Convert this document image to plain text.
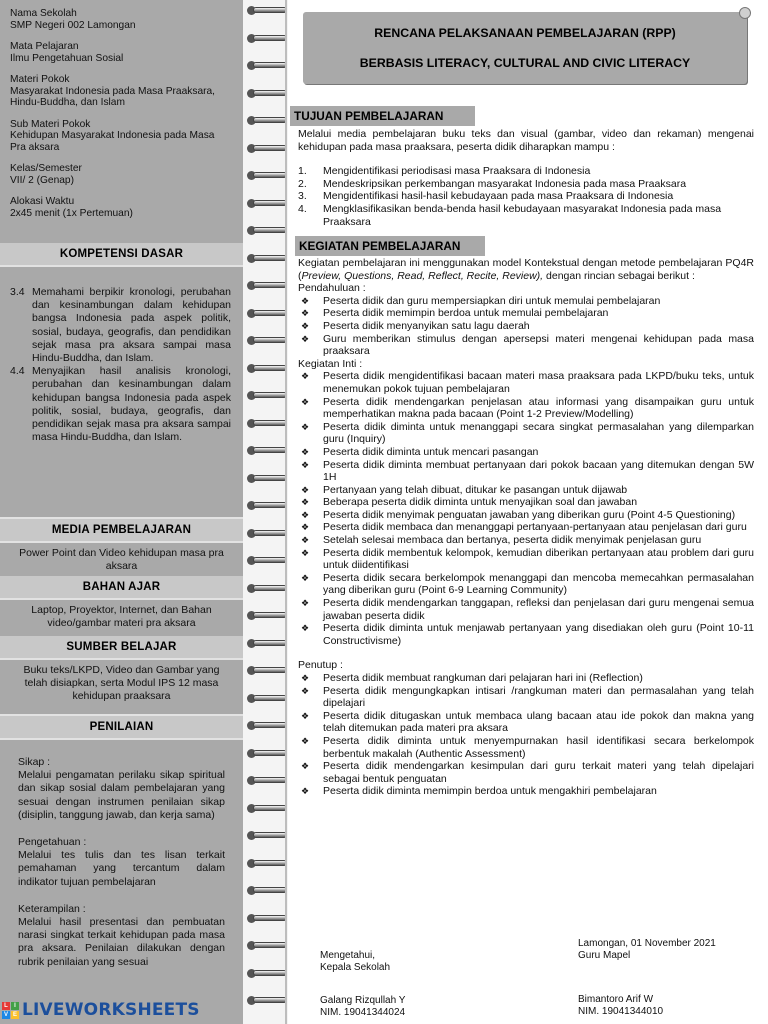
Nama Sekolah
SMP Negeri 002 Lamongan
Mata Pelajaran
Ilmu Pengetahuan Sosial
Materi Pokok
Masyarakat Indonesia pada Masa Praaksara, Hindu-Buddha, dan Islam
Sub Materi Pokok
Kehidupan Masyarakat Indonesia pada Masa Pra aksara
Kelas/Semester
VII/ 2 (Genap)
Alokasi Waktu
2x45 menit (1x Pertemuan)
KOMPETENSI DASAR
3.4 Memahami berpikir kronologi, perubahan dan kesinambungan dalam kehidupan bangsa Indonesia pada aspek politik, sosial, budaya, geografis, dan pendidikan sejak masa pra aksara sampai masa Hindu-Buddha, dan Islam.
4.4 Menyajikan hasil analisis kronologi, perubahan dan kesinambungan dalam kehidupan bangsa Indonesia pada aspek politik, sosial, budaya, geografis, dan pendidikan sejak masa pra aksara sampai masa Hindu-Buddha, dan Islam.
MEDIA PEMBELAJARAN
Power Point dan Video kehidupan masa pra aksara
BAHAN AJAR
Laptop, Proyektor, Internet, dan Bahan video/gambar materi pra aksara
SUMBER BELAJAR
Buku teks/LKPD, Video dan Gambar yang telah disiapkan, serta Modul IPS 12 masa kehidupan praaksara
PENILAIAN
Sikap :

Melalui pengamatan perilaku sikap spiritual dan sikap sosial dalam pembelajaran yang sesuai dengan instrumen penilaian sikap (disiplin, tanggung jawab, dan kerja sama)

Pengetahuan :

Melalui tes tulis dan tes lisan terkait pemahaman yang tercantum dalam indikator tujuan pembelajaran

Keterampilan :

Melalui hasil presentasi dan pembuatan narasi singkat terkait kehidupan pada masa pra aksara. Penilaian dilakukan dengan rubrik penilaian yang sesuai

RENCANA PELAKSANAAN PEMBELAJARAN (RPP)
BERBASIS LITERACY, CULTURAL AND CIVIC LITERACY
TUJUAN PEMBELAJARAN

Melalui media pembelajaran buku teks dan visual (gambar, video dan rekaman) mengenai kehidupan pada masa praaksara, peserta didik diharapkan mampu :

1.	Mengidentifikasi periodisasi masa Praaksara di Indonesia
2.	Mendeskripsikan perkembangan masyarakat Indonesia pada masa Praaksara
3.	Mengidentifikasi hasil-hasil kebudayaan pada masa Praaksara di Indonesia
4.	Mengklasifikasikan benda-benda hasil kebudayaan masyarakat Indonesia pada masa Praaksara
KEGIATAN PEMBELAJARAN

Kegiatan pembelajaran ini menggunakan model Kontekstual dengan metode pembelajaran PQ4R (Preview, Questions, Read, Reflect, Recite, Review), dengan rincian sebagai berikut :

Pendahuluan :
❖	Peserta didik dan guru mempersiapkan diri untuk memulai pembelajaran
❖	Peserta didik memimpin berdoa untuk memulai pembelajaran
❖	Peserta didik menyanyikan satu lagu daerah
❖	Guru memberikan stimulus dengan apersepsi materi mengenai kehidupan pada masa praaksara
Kegiatan Inti :
❖	Peserta didik mengidentifikasi bacaan materi masa praaksara pada LKPD/buku teks, untuk menemukan pokok tujuan pembelajaran
❖	Peserta didik mendengarkan penjelasan atau informasi yang disampaikan guru untuk memperhatikan makna pada bacaan (Point 1-2 Preview/Modelling)
❖	Peserta didik diminta untuk menanggapi secara singkat permasalahan yang dilemparkan guru (Inquiry)
❖	Peserta didik diminta untuk mencari pasangan
❖	Peserta didik diminta membuat pertanyaan dari pokok bacaan yang ditemukan dengan 5W 1H
❖	Pertanyaan yang telah dibuat, ditukar ke pasangan untuk dijawab
❖	Beberapa peserta didik diminta untuk menyajikan soal dan jawaban
❖	Peserta didik menyimak penguatan jawaban yang diberikan guru (Point 4-5 Questioning)
❖	Peserta didik membaca dan menanggapi pertanyaan-pertanyaan atau penjelasan dari guru
❖	Setelah selesai membaca dan bertanya, peserta didik menyimak penjelasan guru
❖	Peserta didik membentuk kelompok, kemudian diberikan pertanyaan atau problem dari guru untuk diidentifikasi
❖	Peserta didik secara berkelompok menanggapi dan mencoba memecahkan permasalahan yang diberikan guru (Point 6-9 Learning Community)
❖	Peserta didik mendengarkan tanggapan, refleksi dan penjelasan dari guru mengenai semua jawaban peserta didik
❖	Peserta didik diminta untuk menjawab pertanyaan yang disediakan oleh guru (Point 10-11 Constructivisme)
Penutup :
❖	Peserta didik membuat rangkuman dari pelajaran hari ini (Reflection)
❖	Peserta didik mengungkapkan intisari /rangkuman materi dan permasalahan yang telah dipelajari
❖	Peserta didik ditugaskan untuk membaca ulang bacaan atau ide pokok dan makna yang telah ditemukan pada materi pra aksara
❖	Peserta didik diminta untuk menyempurnakan hasil identifikasi secara berkelompok berbentuk makalah (Authentic Assessment)
❖	Peserta didik mendengarkan kesimpulan dari guru terkait materi yang telah dipelajari sebagai bentuk penguatan
❖	Peserta didik diminta memimpin berdoa untuk mengakhiri pembelajaran
Mengetahui,
Kepala Sekolah
Galang Rizqullah Y
NIM. 19041344024
Lamongan, 01 November 2021
Guru Mapel
Bimantoro Arif W
NIM. 19041344010
L	I
V E LIVEWORKSHEETS
